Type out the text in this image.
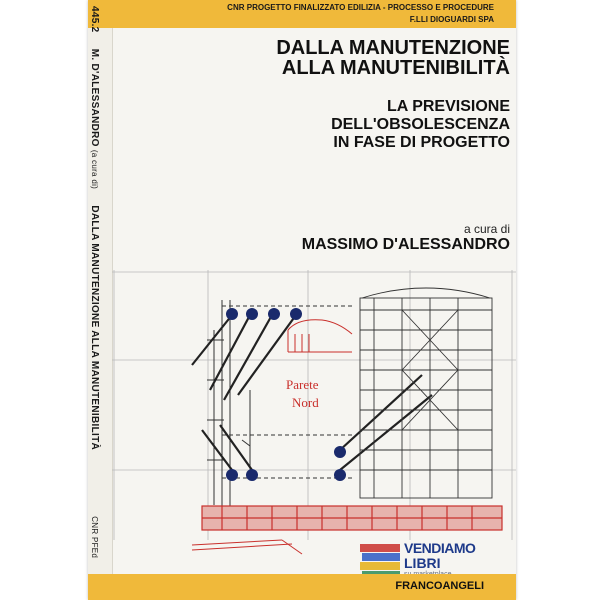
445.2  M. D'ALESSANDRO (a cura di)  DALLA MANUTENZIONE ALLA MANUTENIBILITÀ  CNR PFEd
CNR PROGETTO FINALIZZATO EDILIZIA - PROCESSO E PROCEDURE
F.LLI DIOGUARDI SPA
DALLA MANUTENZIONE
ALLA MANUTENIBILITÀ
LA PREVISIONE
DELL'OBSOLESCENZA
IN FASE DI PROGETTO
a cura di
MASSIMO D'ALESSANDRO
Parete
Nord
VENDIAMO
LIBRI
FRANCOANGELI
